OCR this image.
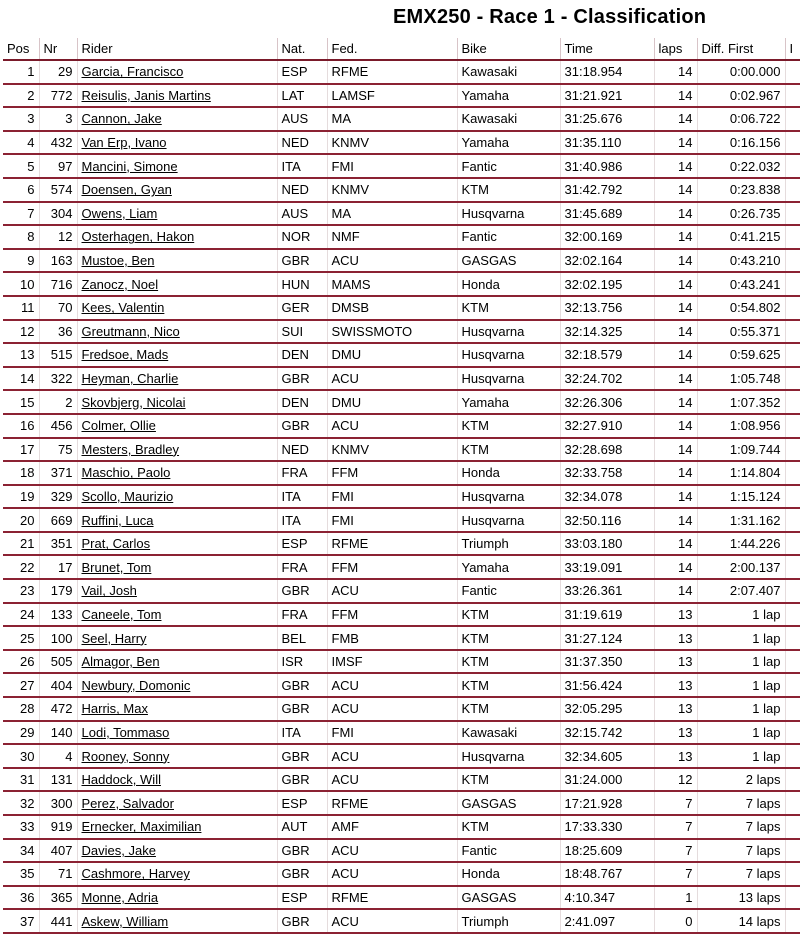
EMX250 - Race 1 - Classification
Pos	Nr	Rider	Nat.	Fed.	Bike	Time	laps	Diff. First	I
1	29	Garcia, Francisco	ESP	RFME	Kawasaki	31:18.954	14	0:00.000	
2	772	Reisulis, Janis Martins	LAT	LAMSF	Yamaha	31:21.921	14	0:02.967	
3	3	Cannon, Jake	AUS	MA	Kawasaki	31:25.676	14	0:06.722	
4	432	Van Erp, Ivano	NED	KNMV	Yamaha	31:35.110	14	0:16.156	
5	97	Mancini, Simone	ITA	FMI	Fantic	31:40.986	14	0:22.032	
6	574	Doensen, Gyan	NED	KNMV	KTM	31:42.792	14	0:23.838	
7	304	Owens, Liam	AUS	MA	Husqvarna	31:45.689	14	0:26.735	
8	12	Osterhagen, Hakon	NOR	NMF	Fantic	32:00.169	14	0:41.215	
9	163	Mustoe, Ben	GBR	ACU	GASGAS	32:02.164	14	0:43.210	
10	716	Zanocz, Noel	HUN	MAMS	Honda	32:02.195	14	0:43.241	
11	70	Kees, Valentin	GER	DMSB	KTM	32:13.756	14	0:54.802	
12	36	Greutmann, Nico	SUI	SWISSMOTO	Husqvarna	32:14.325	14	0:55.371	
13	515	Fredsoe, Mads	DEN	DMU	Husqvarna	32:18.579	14	0:59.625	
14	322	Heyman, Charlie	GBR	ACU	Husqvarna	32:24.702	14	1:05.748	
15	2	Skovbjerg, Nicolai	DEN	DMU	Yamaha	32:26.306	14	1:07.352	
16	456	Colmer, Ollie	GBR	ACU	KTM	32:27.910	14	1:08.956	
17	75	Mesters, Bradley	NED	KNMV	KTM	32:28.698	14	1:09.744	
18	371	Maschio, Paolo	FRA	FFM	Honda	32:33.758	14	1:14.804	
19	329	Scollo, Maurizio	ITA	FMI	Husqvarna	32:34.078	14	1:15.124	
20	669	Ruffini, Luca	ITA	FMI	Husqvarna	32:50.116	14	1:31.162	
21	351	Prat, Carlos	ESP	RFME	Triumph	33:03.180	14	1:44.226	
22	17	Brunet, Tom	FRA	FFM	Yamaha	33:19.091	14	2:00.137	
23	179	Vail, Josh	GBR	ACU	Fantic	33:26.361	14	2:07.407	
24	133	Caneele, Tom	FRA	FFM	KTM	31:19.619	13	1 lap	
25	100	Seel, Harry	BEL	FMB	KTM	31:27.124	13	1 lap	
26	505	Almagor, Ben	ISR	IMSF	KTM	31:37.350	13	1 lap	
27	404	Newbury, Domonic	GBR	ACU	KTM	31:56.424	13	1 lap	
28	472	Harris, Max	GBR	ACU	KTM	32:05.295	13	1 lap	
29	140	Lodi, Tommaso	ITA	FMI	Kawasaki	32:15.742	13	1 lap	
30	4	Rooney, Sonny	GBR	ACU	Husqvarna	32:34.605	13	1 lap	
31	131	Haddock, Will	GBR	ACU	KTM	31:24.000	12	2 laps	
32	300	Perez, Salvador	ESP	RFME	GASGAS	17:21.928	7	7 laps	
33	919	Ernecker, Maximilian	AUT	AMF	KTM	17:33.330	7	7 laps	
34	407	Davies, Jake	GBR	ACU	Fantic	18:25.609	7	7 laps	
35	71	Cashmore, Harvey	GBR	ACU	Honda	18:48.767	7	7 laps	
36	365	Monne, Adria	ESP	RFME	GASGAS	4:10.347	1	13 laps	
37	441	Askew, William	GBR	ACU	Triumph	2:41.097	0	14 laps	
